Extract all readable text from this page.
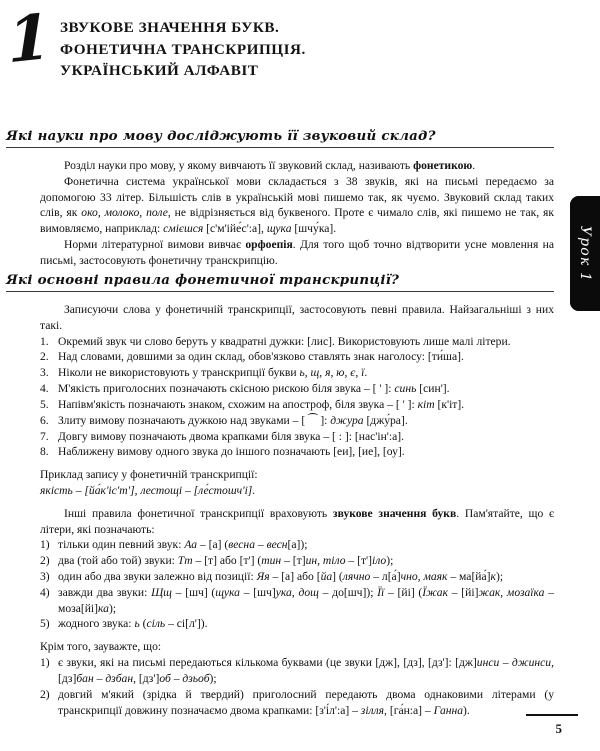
1 ЗВУКОВЕ ЗНАЧЕННЯ БУКВ.
ФОНЕТИЧНА ТРАНСКРИПЦІЯ.
УКРАЇНСЬКИЙ АЛФАВІТ
Урок 1
Які науки про мову досліджують її звуковий склад?

Розділ науки про мову, у якому вивчають її звуковий склад, називають фонетикою.

Фонетична система української мови складається з 38 звуків, які на письмі передаємо за допомогою 33 літер. Більшість слів в українській мові пишемо так, як чуємо. Звуковий склад таких слів, як око, молоко, поле, не відрізняється від буквеного. Проте є чимало слів, які пишемо не так, як вимовляємо, наприклад: смієшся [с'м'ійе́с':а], щука [шчу́ка].

Норми літературної вимови вивчає орфоепія. Для того щоб точно відтворити усне мовлення на письмі, застосовують фонетичну транскрипцію.

Які основні правила фонетичної транскрипції?

Записуючи слова у фонетичній транскрипції, застосовують певні правила. Найзагальніші з них такі.

1. Окремий звук чи слово беруть у квадратні дужки: [лис]. Використовують лише малі літери.

2. Над словами, довшими за один склад, обов'язково ставлять знак наголосу: [ти́ша].

3. Ніколи не використовують у транскрипції букви ь, щ, я, ю, є, ї.

4. М'якість приголосних позначають скісною рискою біля звука – [ ' ]: синь [син'].

5. Напівм'якість позначають знаком, схожим на апостроф, біля звука – [ ' ]: кіт [к'іт].

6. Злиту вимову позначають дужкою над звуками – [ ⁀ ]: джура [джу́ра].

7. Довгу вимову позначають двома крапками біля звука – [ : ]: [нас'ін':а].

8. Наближену вимову одного звука до іншого позначають [еи], [ие], [оу].

Приклад запису у фонетичній транскрипції:

якість – [йа́к'іс'т'], лестощі – [ле́стошч'і].

Інші правила фонетичної транскрипції враховують звукове значення букв. Пам'ятайте, що є літери, які позначають:

1) тільки один певний звук: Аа – [а] (весна – весн[а]);

2) два (той або той) звуки: Тт – [т] або [т'] (тин – [т]ин, тіло – [т']іло);

3) один або два звуки залежно від позиції: Яя – [а] або [йа] (лячно – л[а́]чно, маяк – ма[йа́]к);

4) завжди два звуки: Щщ – [шч] (щука – [шч]ука, дощ – до[шч]); Її – [йі] (Їжак – [йі]жак, мозаїка – моза[йі]ка);

5) жодного звука: ь (сіль – сі[л']).

Крім того, зауважте, що:

1) є звуки, які на письмі передаються кількома буквами (це звуки [дж], [дз], [дз']: [дж]инси – джинси, [дз]бан – дзбан, [дз']об – дзьоб);

2) довгий м'який (зрідка й твердий) приголосний передають двома однаковими літерами (у транскрипції довжину позначаємо двома крапками: [з'і́л':а] – зілля, [га́н:а] – Ганна).

5
